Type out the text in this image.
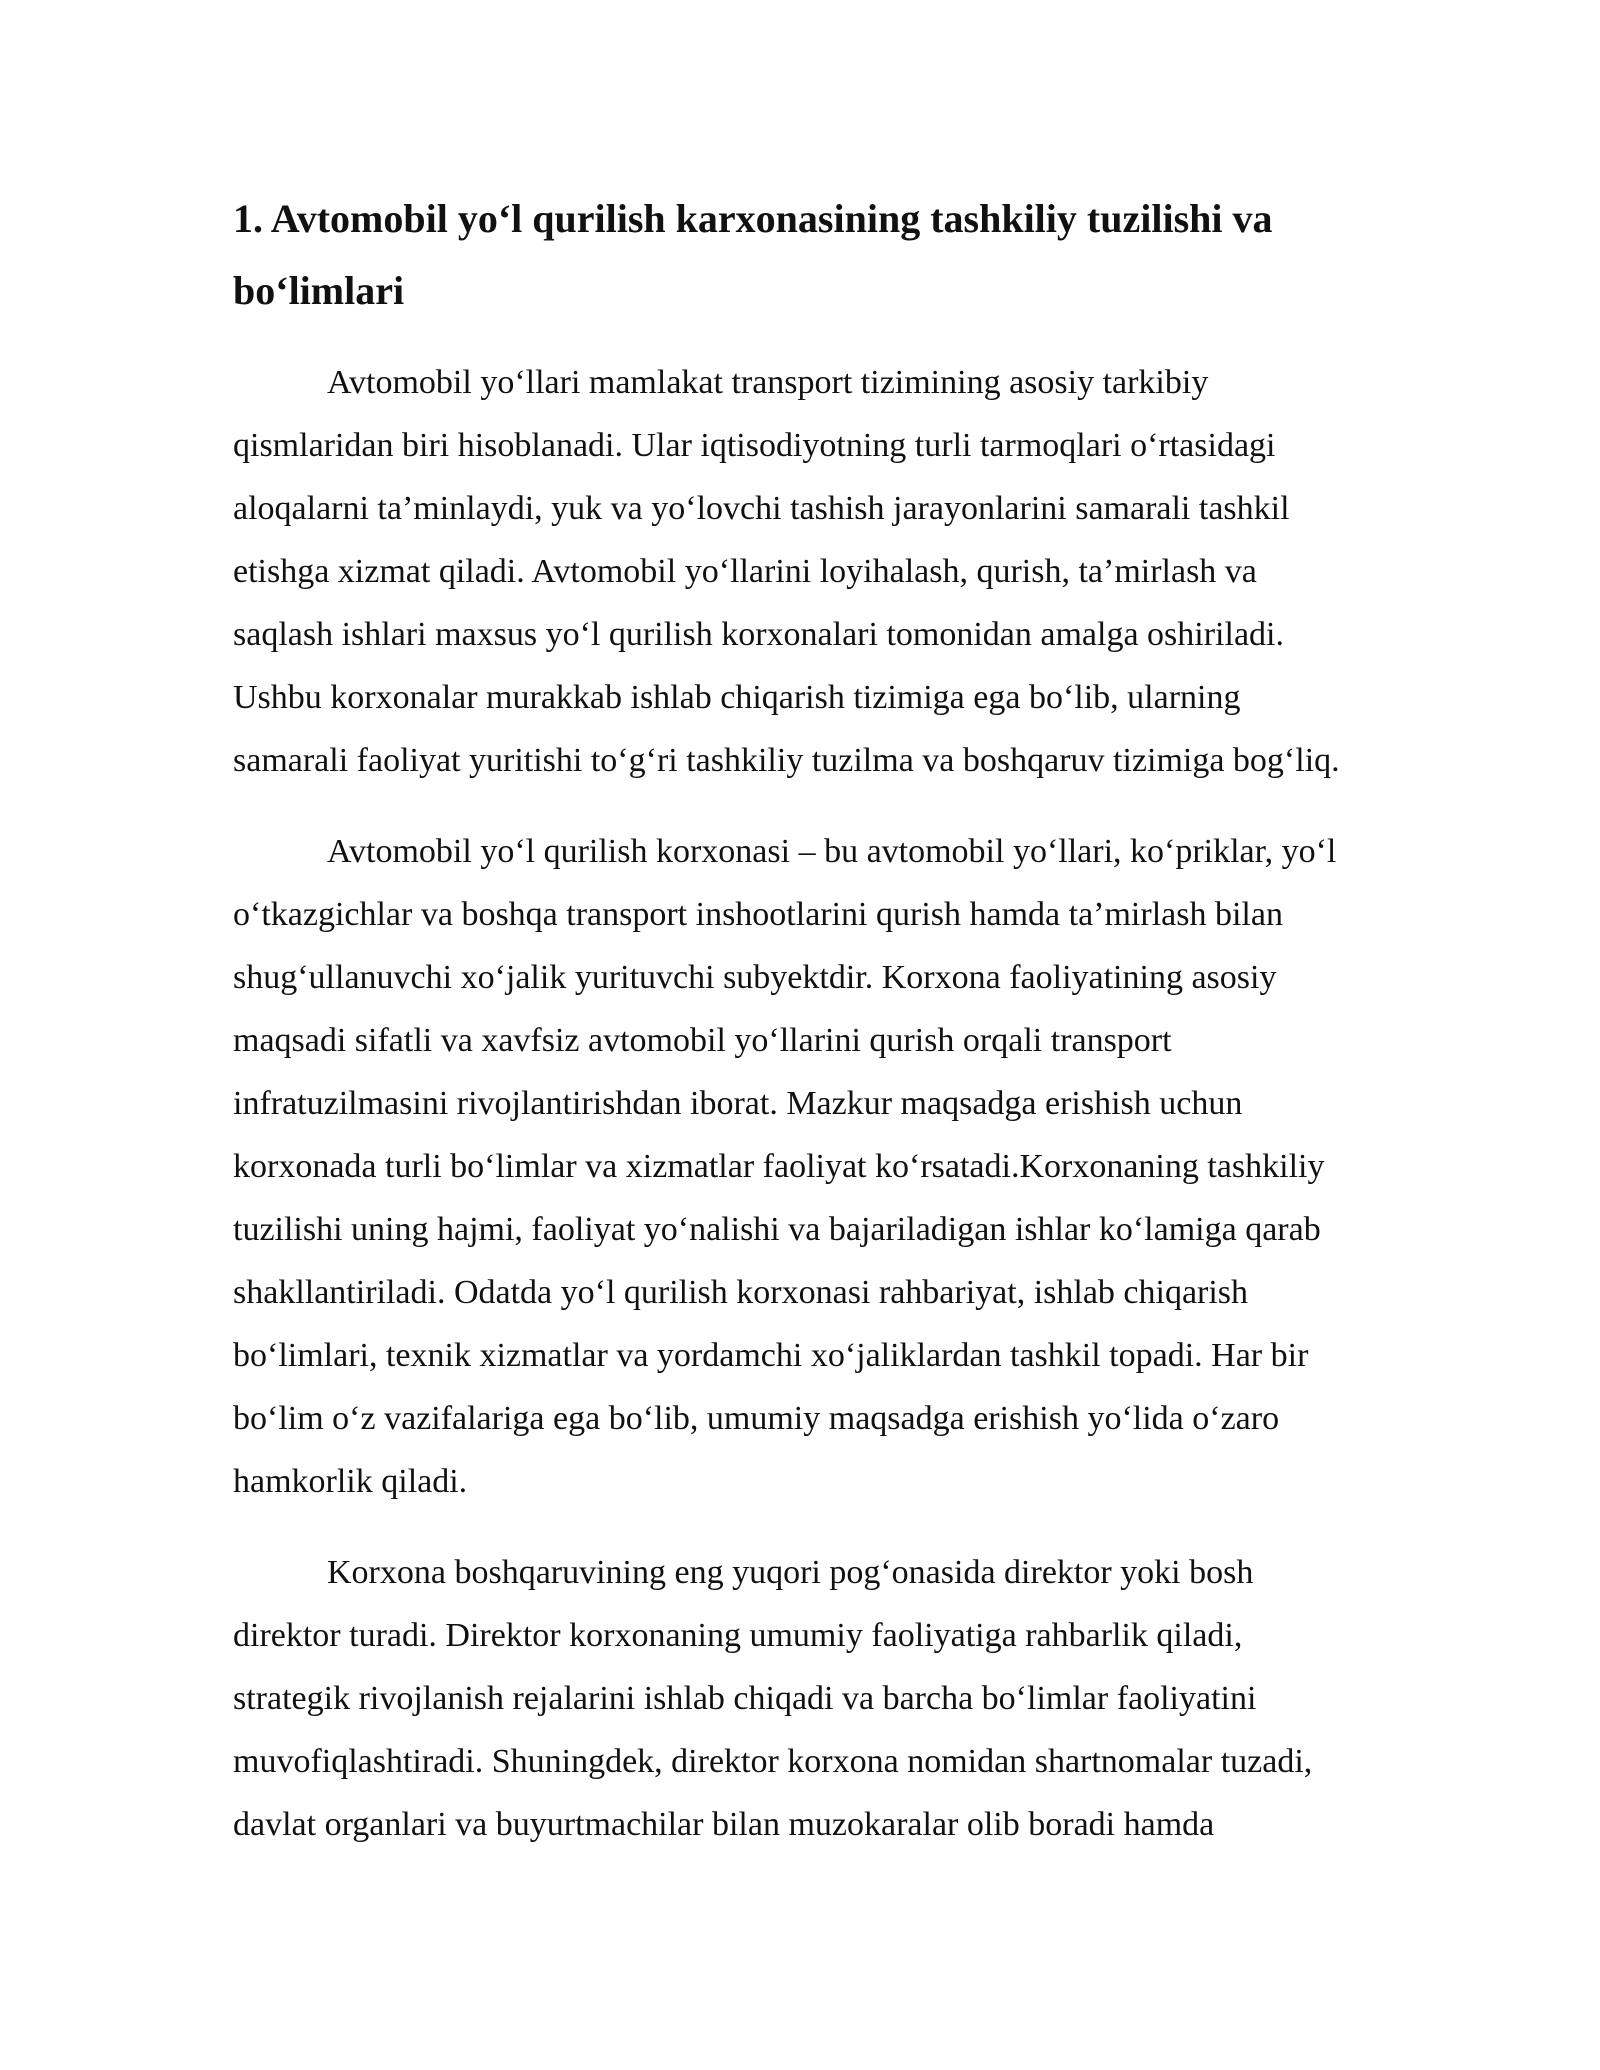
1. Avtomobil yo‘l qurilish karxonasining tashkiliy tuzilishi va
bo‘limlari

Avtomobil yo‘llari mamlakat transport tizimining asosiy tarkibiy
qismlaridan biri hisoblanadi. Ular iqtisodiyotning turli tarmoqlari o‘rtasidagi
aloqalarni ta’minlaydi, yuk va yo‘lovchi tashish jarayonlarini samarali tashkil
etishga xizmat qiladi. Avtomobil yo‘llarini loyihalash, qurish, ta’mirlash va
saqlash ishlari maxsus yo‘l qurilish korxonalari tomonidan amalga oshiriladi.
Ushbu korxonalar murakkab ishlab chiqarish tizimiga ega bo‘lib, ularning
samarali faoliyat yuritishi to‘g‘ri tashkiliy tuzilma va boshqaruv tizimiga bog‘liq.

Avtomobil yo‘l qurilish korxonasi – bu avtomobil yo‘llari, ko‘priklar, yo‘l
o‘tkazgichlar va boshqa transport inshootlarini qurish hamda ta’mirlash bilan
shug‘ullanuvchi xo‘jalik yurituvchi subyektdir. Korxona faoliyatining asosiy
maqsadi sifatli va xavfsiz avtomobil yo‘llarini qurish orqali transport
infratuzilmasini rivojlantirishdan iborat. Mazkur maqsadga erishish uchun
korxonada turli bo‘limlar va xizmatlar faoliyat ko‘rsatadi.Korxonaning tashkiliy
tuzilishi uning hajmi, faoliyat yo‘nalishi va bajariladigan ishlar ko‘lamiga qarab
shakllantiriladi. Odatda yo‘l qurilish korxonasi rahbariyat, ishlab chiqarish
bo‘limlari, texnik xizmatlar va yordamchi xo‘jaliklardan tashkil topadi. Har bir
bo‘lim o‘z vazifalariga ega bo‘lib, umumiy maqsadga erishish yo‘lida o‘zaro
hamkorlik qiladi.

Korxona boshqaruvining eng yuqori pog‘onasida direktor yoki bosh
direktor turadi. Direktor korxonaning umumiy faoliyatiga rahbarlik qiladi,
strategik rivojlanish rejalarini ishlab chiqadi va barcha bo‘limlar faoliyatini
muvofiqlashtiradi. Shuningdek, direktor korxona nomidan shartnomalar tuzadi,
davlat organlari va buyurtmachilar bilan muzokaralar olib boradi hamda
